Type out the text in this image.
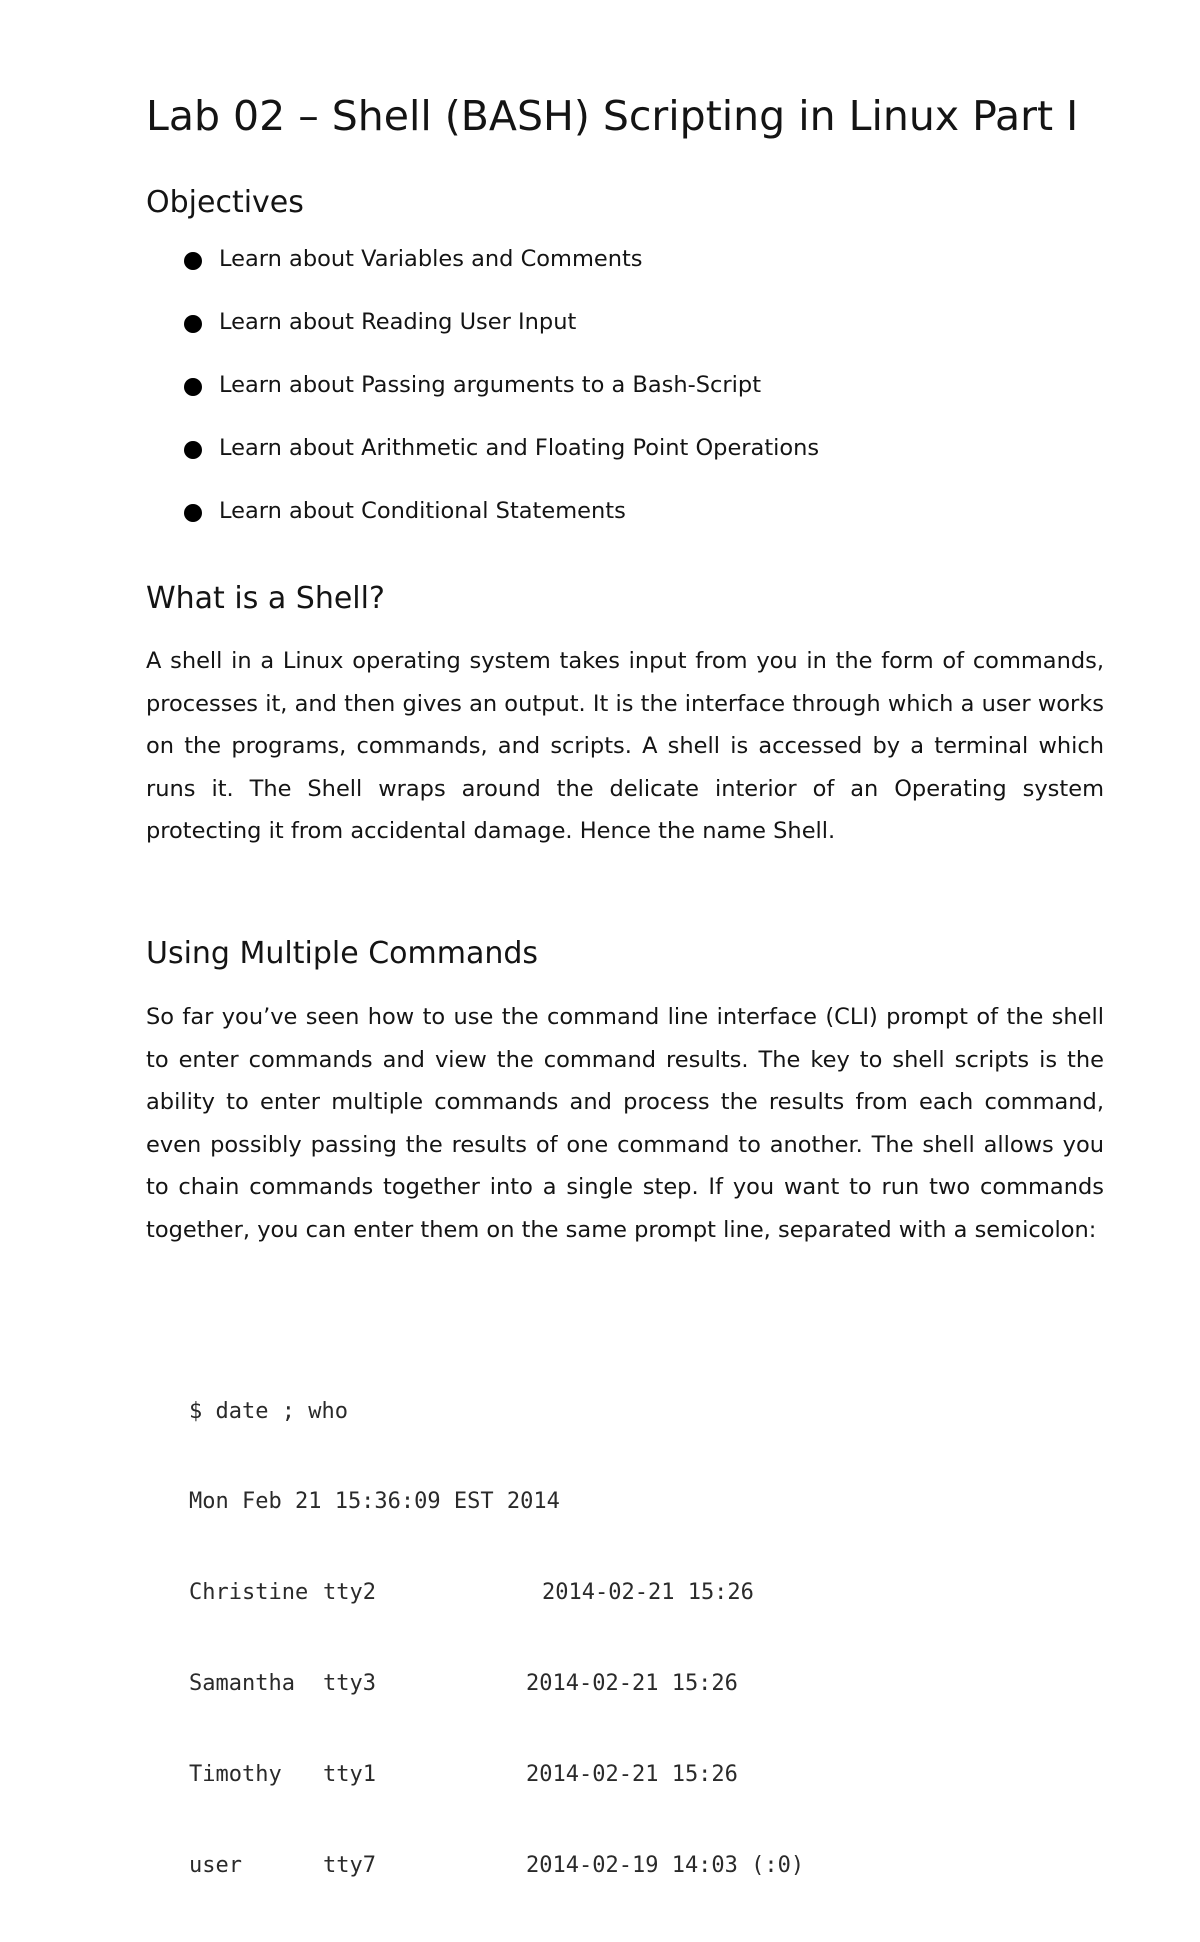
Lab 02 – Shell (BASH) Scripting in Linux Part I
Objectives
Learn about Variables and Comments
Learn about Reading User Input
Learn about Passing arguments to a Bash-Script
Learn about Arithmetic and Floating Point Operations
Learn about Conditional Statements
What is a Shell?

A shell in a Linux operating system takes input from you in the form of commands, processes it, and then gives an output. It is the interface through which a user works on the programs, commands, and scripts. A shell is accessed by a terminal which runs it. The Shell wraps around the delicate interior of an Operating system protecting it from accidental damage. Hence the name Shell.

Using Multiple Commands

So far you’ve seen how to use the command line interface (CLI) prompt of the shell to enter commands and view the command results. The key to shell scripts is the ability to enter multiple commands and process the results from each command, even possibly passing the results of one command to another. The shell allows you to chain commands together into a single step. If you want to run two commands together, you can enter them on the same prompt line, separated with a semicolon:

$ date ; who

Mon Feb 21 15:36:09 EST 2014

Christine tty2	2014-02-21 15:26

Samantha	tty3	2014-02-21 15:26

Timothy	tty1	2014-02-21 15:26

user	tty7	2014-02-19 14:03 (:0)
